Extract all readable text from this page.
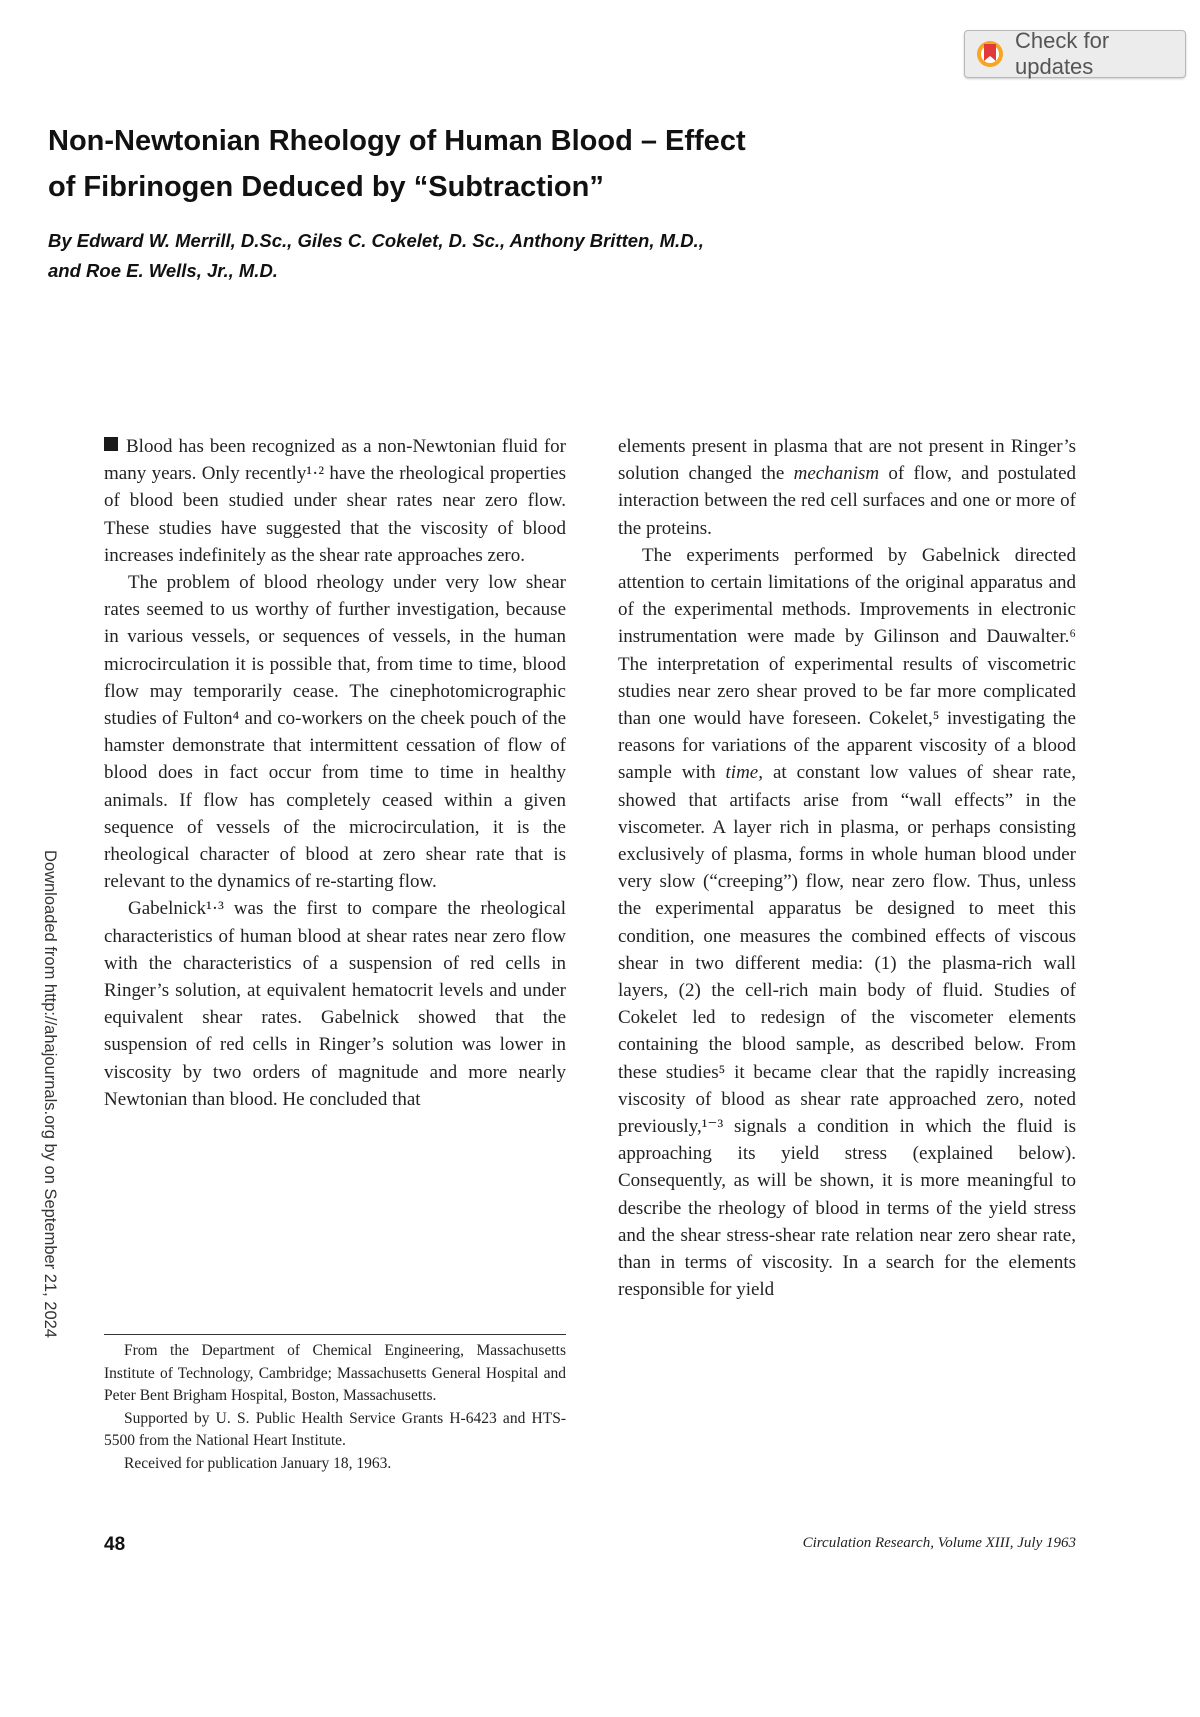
Check for updates
Non-Newtonian Rheology of Human Blood – Effect
of Fibrinogen Deduced by “Subtraction”
By Edward W. Merrill, D.Sc., Giles C. Cokelet, D. Sc., Anthony Britten, M.D.,
and Roe E. Wells, Jr., M.D.

Blood has been recognized as a non-Newtonian fluid for many years. Only recently¹·² have the rheological properties of blood been studied under shear rates near zero flow. These studies have suggested that the viscosity of blood increases indefinitely as the shear rate approaches zero.

The problem of blood rheology under very low shear rates seemed to us worthy of further investigation, because in various vessels, or sequences of vessels, in the human microcirculation it is possible that, from time to time, blood flow may temporarily cease. The cinephotomicrographic studies of Fulton⁴ and co-workers on the cheek pouch of the hamster demonstrate that intermittent cessation of flow of blood does in fact occur from time to time in healthy animals. If flow has completely ceased within a given sequence of vessels of the microcirculation, it is the rheological character of blood at zero shear rate that is relevant to the dynamics of re-starting flow.

Gabelnick¹·³ was the first to compare the rheological characteristics of human blood at shear rates near zero flow with the characteristics of a suspension of red cells in Ringer’s solution, at equivalent hematocrit levels and under equivalent shear rates. Gabelnick showed that the suspension of red cells in Ringer’s solution was lower in viscosity by two orders of magnitude and more nearly Newtonian than blood. He concluded that

From the Department of Chemical Engineering, Massachusetts Institute of Technology, Cambridge; Massachusetts General Hospital and Peter Bent Brigham Hospital, Boston, Massachusetts.

Supported by U. S. Public Health Service Grants H-6423 and HTS-5500 from the National Heart Institute.

Received for publication January 18, 1963.

elements present in plasma that are not present in Ringer’s solution changed the mechanism of flow, and postulated interaction between the red cell surfaces and one or more of the proteins.

The experiments performed by Gabelnick directed attention to certain limitations of the original apparatus and of the experimental methods. Improvements in electronic instrumentation were made by Gilinson and Dauwalter.⁶ The interpretation of experimental results of viscometric studies near zero shear proved to be far more complicated than one would have foreseen. Cokelet,⁵ investigating the reasons for variations of the apparent viscosity of a blood sample with time, at constant low values of shear rate, showed that artifacts arise from “wall effects” in the viscometer. A layer rich in plasma, or perhaps consisting exclusively of plasma, forms in whole human blood under very slow (“creeping”) flow, near zero flow. Thus, unless the experimental apparatus be designed to meet this condition, one measures the combined effects of viscous shear in two different media: (1) the plasma-rich wall layers, (2) the cell-rich main body of fluid. Studies of Cokelet led to redesign of the viscometer elements containing the blood sample, as described below. From these studies⁵ it became clear that the rapidly increasing viscosity of blood as shear rate approached zero, noted previously,¹⁻³ signals a condition in which the fluid is approaching its yield stress (explained below). Consequently, as will be shown, it is more meaningful to describe the rheology of blood in terms of the yield stress and the shear stress-shear rate relation near zero shear rate, than in terms of viscosity. In a search for the elements responsible for yield

48	Circulation Research, Volume XIII, July 1963
Downloaded from http://ahajournals.org by on September 21, 2024
